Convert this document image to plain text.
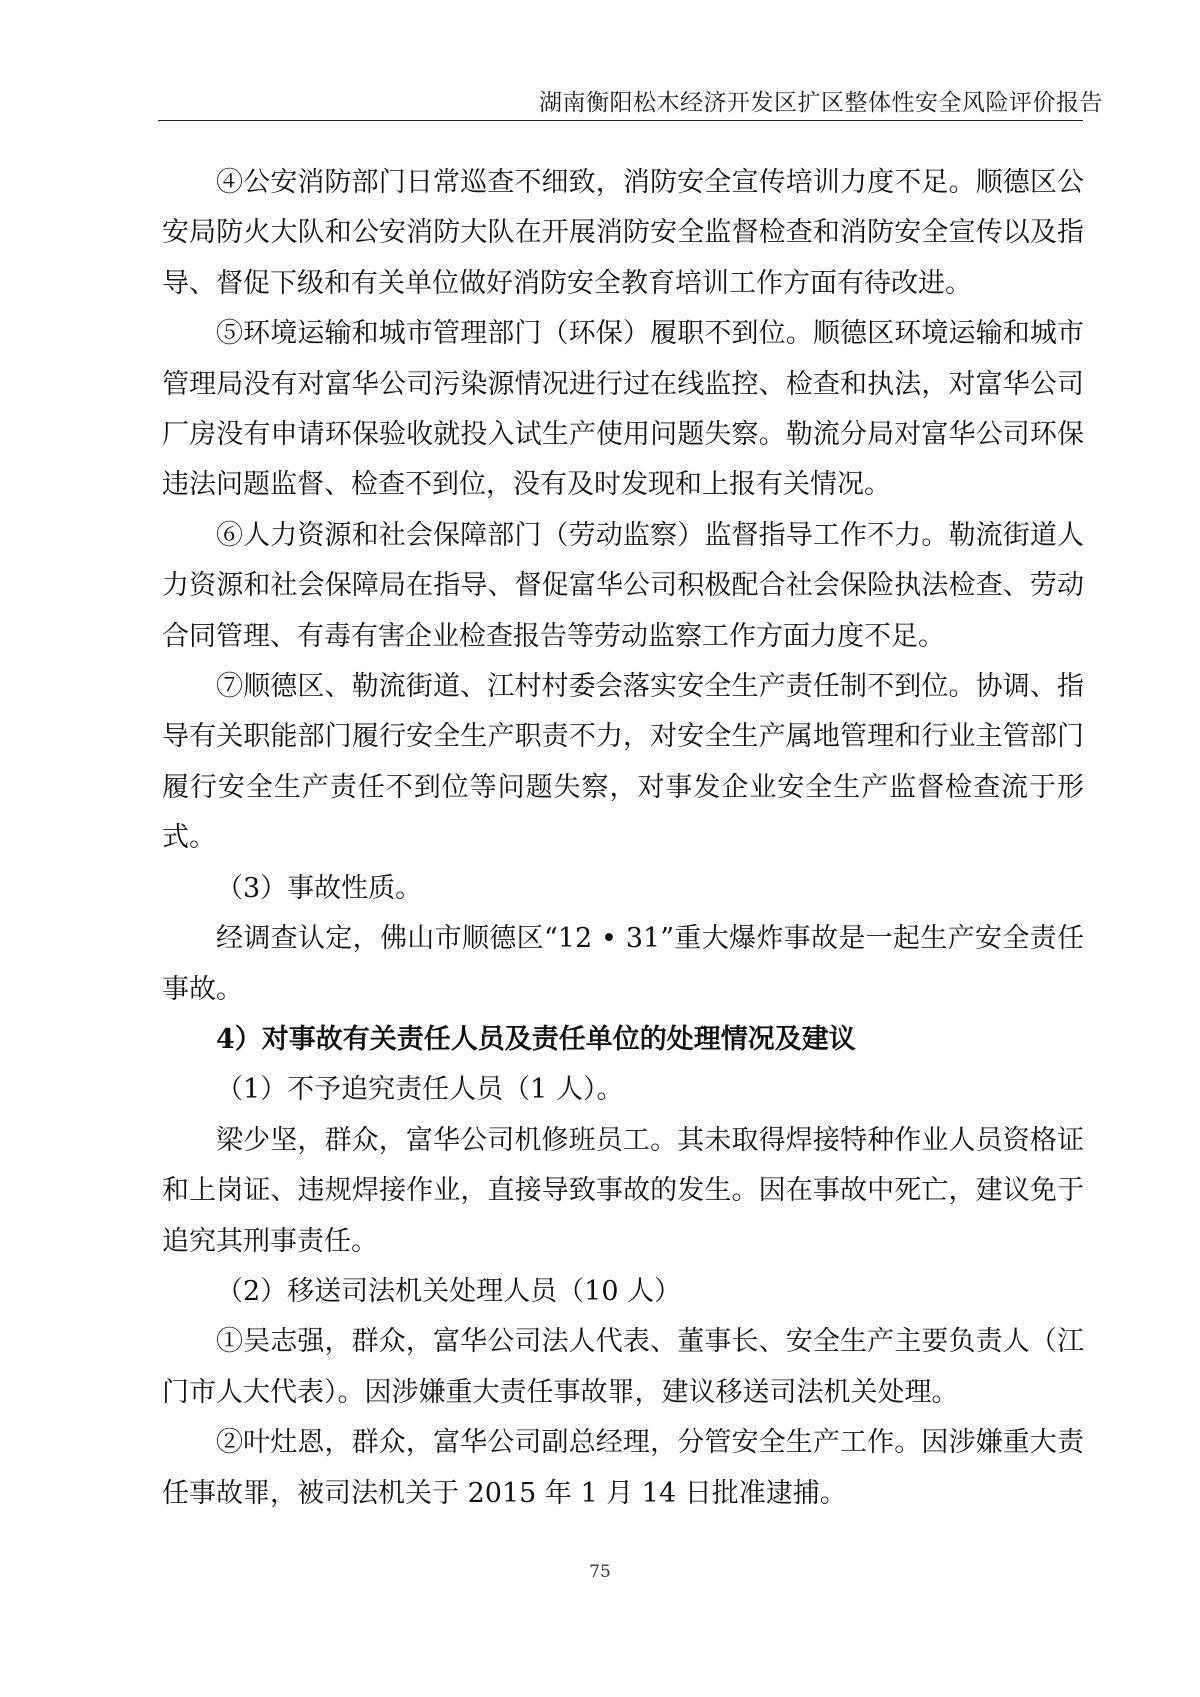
湖南衡阳松木经济开发区扩区整体性安全风险评价报告

④公安消防部门日常巡查不细致，消防安全宣传培训力度不足。顺德区公安局防火大队和公安消防大队在开展消防安全监督检查和消防安全宣传以及指导、督促下级和有关单位做好消防安全教育培训工作方面有待改进。

⑤环境运输和城市管理部门（环保）履职不到位。顺德区环境运输和城市管理局没有对富华公司污染源情况进行过在线监控、检查和执法，对富华公司厂房没有申请环保验收就投入试生产使用问题失察。勒流分局对富华公司环保违法问题监督、检查不到位，没有及时发现和上报有关情况。

⑥人力资源和社会保障部门（劳动监察）监督指导工作不力。勒流街道人力资源和社会保障局在指导、督促富华公司积极配合社会保险执法检查、劳动合同管理、有毒有害企业检查报告等劳动监察工作方面力度不足。

⑦顺德区、勒流街道、江村村委会落实安全生产责任制不到位。协调、指导有关职能部门履行安全生产职责不力，对安全生产属地管理和行业主管部门履行安全生产责任不到位等问题失察，对事发企业安全生产监督检查流于形式。

（3）事故性质。

经调查认定，佛山市顺德区“12 • 31”重大爆炸事故是一起生产安全责任事故。

4）对事故有关责任人员及责任单位的处理情况及建议

（1）不予追究责任人员（1 人）。

梁少坚，群众，富华公司机修班员工。其未取得焊接特种作业人员资格证和上岗证、违规焊接作业，直接导致事故的发生。因在事故中死亡，建议免于追究其刑事责任。

（2）移送司法机关处理人员（10 人）

①吴志强，群众，富华公司法人代表、董事长、安全生产主要负责人（江门市人大代表）。因涉嫌重大责任事故罪，建议移送司法机关处理。

②叶灶恩，群众，富华公司副总经理，分管安全生产工作。因涉嫌重大责任事故罪，被司法机关于 2015 年 1 月 14 日批准逮捕。

75
